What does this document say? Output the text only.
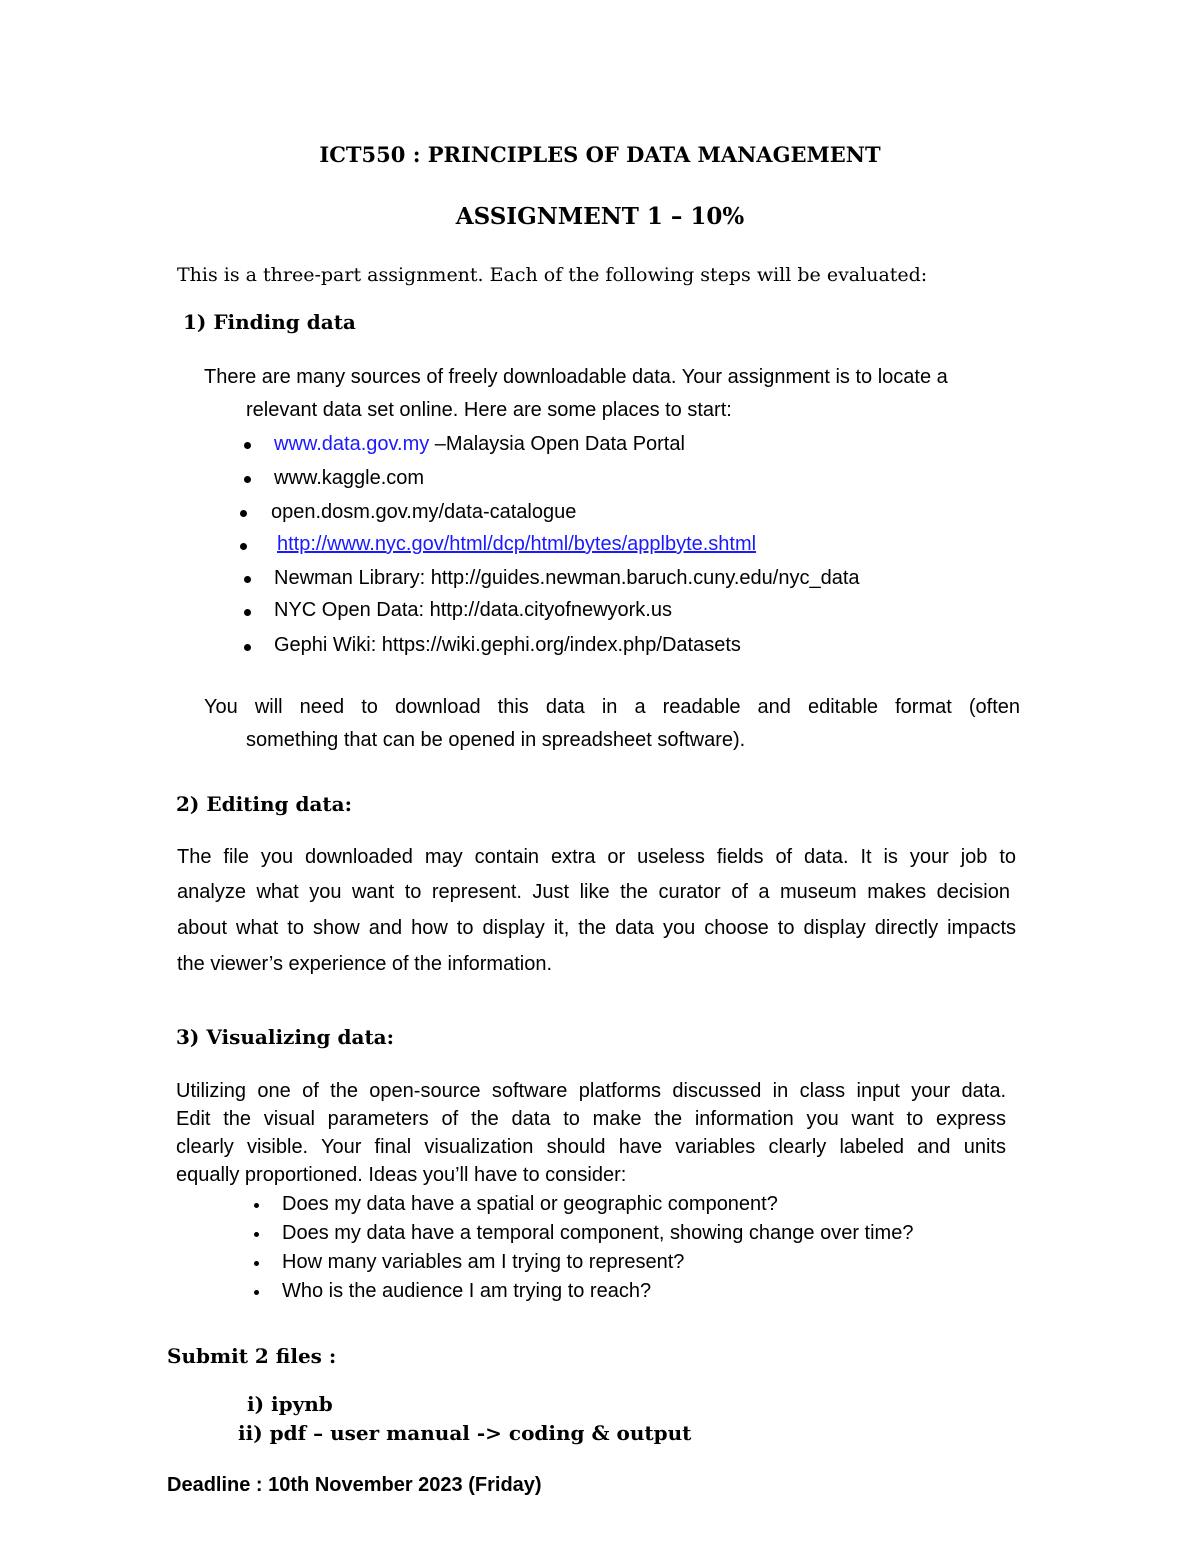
ICT550 : PRINCIPLES OF DATA MANAGEMENT
ASSIGNMENT 1 – 10%
This is a three-part assignment. Each of the following steps will be evaluated:
1) Finding data
There are many sources of freely downloadable data. Your assignment is to locate a
relevant data set online. Here are some places to start:
www.data.gov.my –Malaysia Open Data Portal
www.kaggle.com
open.dosm.gov.my/data-catalogue
http://www.nyc.gov/html/dcp/html/bytes/applbyte.shtml
Newman Library: http://guides.newman.baruch.cuny.edu/nyc_data
NYC Open Data: http://data.cityofnewyork.us
Gephi Wiki: https://wiki.gephi.org/index.php/Datasets
You will need to download this data in a readable and editable format (often
something that can be opened in spreadsheet software).
2) Editing data:
The file you downloaded may contain extra or useless fields of data. It is your job to
analyze what you want to represent. Just like the curator of a museum makes decision
about what to show and how to display it, the data you choose to display directly impacts
the viewer’s experience of the information.
3) Visualizing data:
Utilizing one of the open-source software platforms discussed in class input your data.
Edit the visual parameters of the data to make the information you want to express
clearly visible. Your final visualization should have variables clearly labeled and units
equally proportioned. Ideas you’ll have to consider:
Does my data have a spatial or geographic component?
Does my data have a temporal component, showing change over time?
How many variables am I trying to represent?
Who is the audience I am trying to reach?
Submit 2 files :
i) ipynb
ii) pdf – user manual -> coding & output
Deadline : 10th November 2023 (Friday)
